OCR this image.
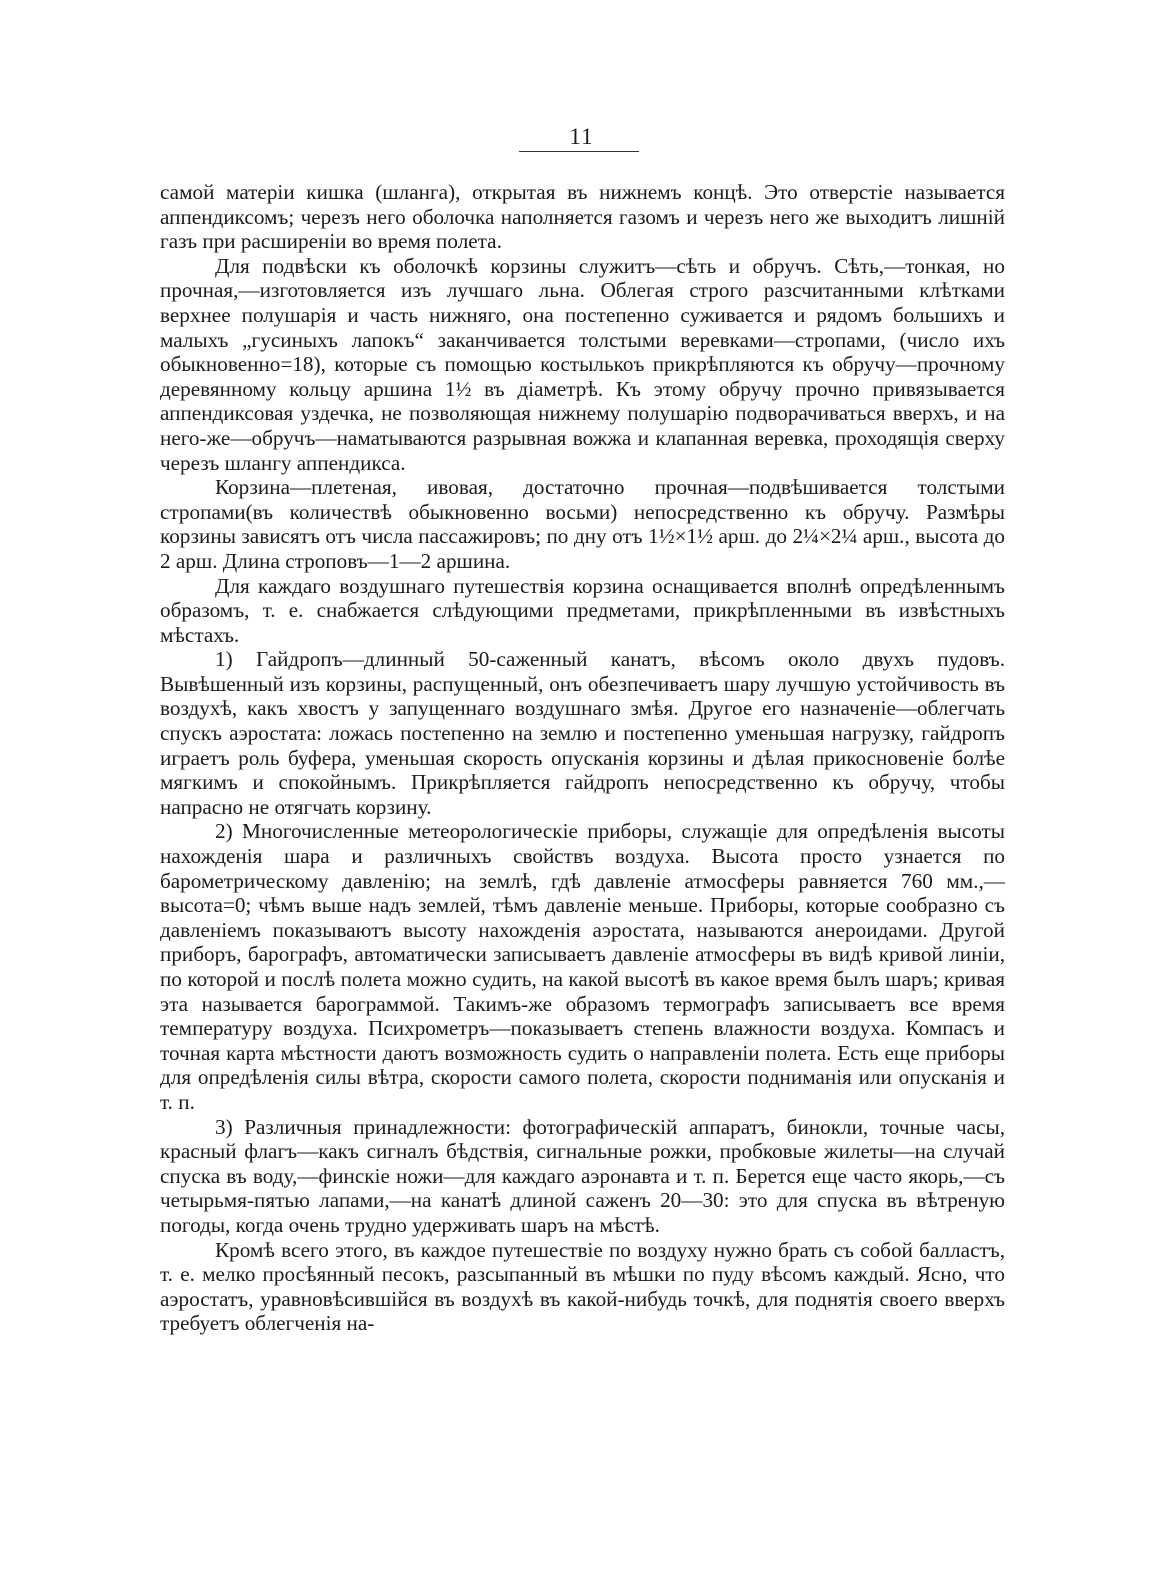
11

самой матеріи кишка (шланга), открытая въ нижнемъ концѣ. Это отверстіе называется аппендиксомъ; черезъ него оболочка наполняется газомъ и черезъ него же выходитъ лишній газъ при расширеніи во время полета.

Для подвѣски къ оболочкѣ корзины служитъ—сѣть и обручъ. Сѣть,—тонкая, но прочная,—изготовляется изъ лучшаго льна. Облегая строго разсчитанными клѣтками верхнее полушарія и часть нижняго, она постепенно суживается и рядомъ большихъ и малыхъ „гусиныхъ лапокъ“ заканчивается толстыми веревками—стропами, (число ихъ обыкновенно=18), которые съ помощью костылькоъ прикрѣпляются къ обручу—прочному деревянному кольцу аршина 1½ въ діаметрѣ. Къ этому обручу прочно привязывается аппендиксовая уздечка, не позволяющая нижнему полушарію подворачиваться вверхъ, и на него-же—обручъ—наматываются разрывная вожжа и клапанная веревка, проходящія сверху черезъ шлангу аппендикса.

Корзина—плетеная, ивовая, достаточно прочная—подвѣшивается толстыми стропами(въ количествѣ обыкновенно восьми) непосредственно къ обручу. Размѣры корзины зависятъ отъ числа пассажировъ; по дну отъ 1½×1½ арш. до 2¼×2¼ арш., высота до 2 арш. Длина строповъ—1—2 аршина.

Для каждаго воздушнаго путешествія корзина оснащивается вполнѣ опредѣленнымъ образомъ, т. е. снабжается слѣдующими предметами, прикрѣпленными въ извѣстныхъ мѣстахъ.

1) Гайдропъ—длинный 50-саженный канатъ, вѣсомъ около двухъ пудовъ. Вывѣшенный изъ корзины, распущенный, онъ обезпечиваетъ шару лучшую устойчивость въ воздухѣ, какъ хвостъ у запущеннаго воздушнаго змѣя. Другое его назначеніе—облегчать спускъ аэростата: ложась постепенно на землю и постепенно уменьшая нагрузку, гайдропъ играетъ роль буфера, уменьшая скорость опусканія корзины и дѣлая прикосновеніе болѣе мягкимъ и спокойнымъ. Прикрѣпляется гайдропъ непосредственно къ обручу, чтобы напрасно не отягчать корзину.

2) Многочисленные метеорологическіе приборы, служащіе для опредѣленія высоты нахожденія шара и различныхъ свойствъ воздуха. Высота просто узнается по барометрическому давленію; на землѣ, гдѣ давленіе атмосферы равняется 760 мм.,—высота=0; чѣмъ выше надъ землей, тѣмъ давленіе меньше. Приборы, которые сообразно съ давленіемъ показываютъ высоту нахожденія аэростата, называются анероидами. Другой приборъ, барографъ, автоматически записываетъ давленіе атмосферы въ видѣ кривой линіи, по которой и послѣ полета можно судить, на какой высотѣ въ какое время былъ шаръ; кривая эта называется барограммой. Такимъ-же образомъ термографъ записываетъ все время температуру воздуха. Психрометръ—показываетъ степень влажности воздуха. Компасъ и точная карта мѣстности даютъ возможность судить о направленіи полета. Есть еще приборы для опредѣленія силы вѣтра, скорости самого полета, скорости подниманія или опусканія и т. п.

3) Различныя принадлежности: фотографическій аппаратъ, бинокли, точные часы, красный флагъ—какъ сигналъ бѣдствія, сигнальные рожки, пробковые жилеты—на случай спуска въ воду,—финскіе ножи—для каждаго аэронавта и т. п. Берется еще часто якорь,—съ четырьмя-пятью лапами,—на канатѣ длиной саженъ 20—30: это для спуска въ вѣтреную погоды, когда очень трудно удерживать шаръ на мѣстѣ.

Кромѣ всего этого, въ каждое путешествіе по воздуху нужно брать съ собой балластъ, т. е. мелко просѣянный песокъ, разсыпанный въ мѣшки по пуду вѣсомъ каждый. Ясно, что аэростатъ, уравновѣсившійся въ воздухѣ въ какой-нибудь точкѣ, для поднятія своего вверхъ требуетъ облегченія на-
